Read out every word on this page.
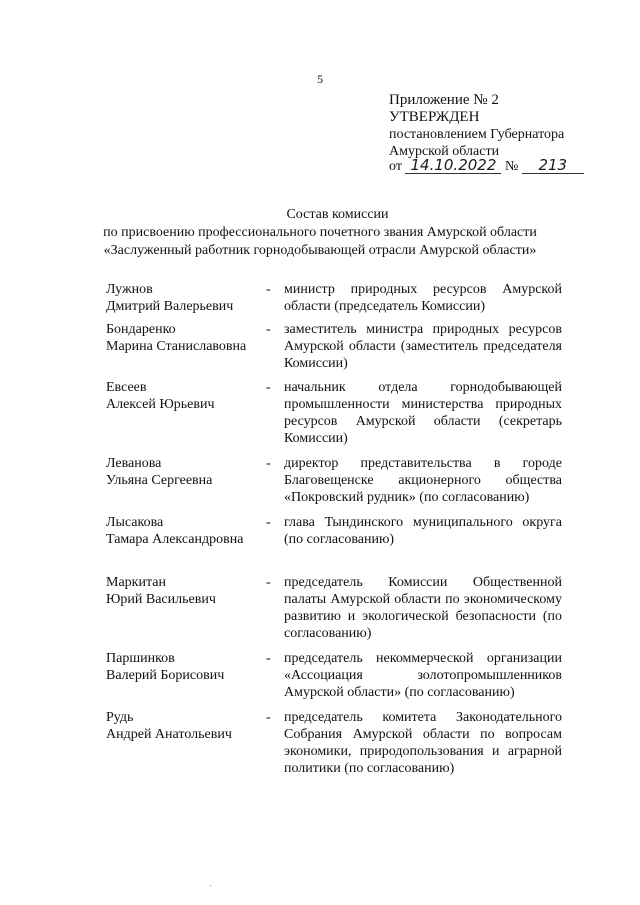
5
Приложение № 2
УТВЕРЖДЕН
постановлением Губернатора
Амурской области
от 14.10.2022 № 213
Состав комиссии
по присвоению профессионального почетного звания Амурской области
«Заслуженный работник горнодобывающей отрасли Амурской области»
Лужнов
Дмитрий Валерьевич
- министр природных ресурсов Амурской области (председатель Комиссии)
Бондаренко
Марина Станиславовна
- заместитель министра природных ресурсов Амурской области (заместитель председателя Комиссии)
Евсеев
Алексей Юрьевич
- начальник отдела горнодобывающей промышленности министерства природных ресурсов Амурской области (секретарь Комиссии)
Леванова
Ульяна Сергеевна
- директор представительства в городе Благовещенске акционерного общества «Покровский рудник» (по согласованию)
Лысакова
Тамара Александровна
- глава Тындинского муниципального округа (по согласованию)
Маркитан
Юрий Васильевич
- председатель Комиссии Общественной палаты Амурской области по экономическому развитию и экологической безопасности (по согласованию)
Паршинков
Валерий Борисович
- председатель некоммерческой организации «Ассоциация золотопромышленников Амурской области» (по согласованию)
Рудь
Андрей Анатольевич
- председатель комитета Законодательного Собрания Амурской области по вопросам экономики, природопользования и аграрной политики (по согласованию)
